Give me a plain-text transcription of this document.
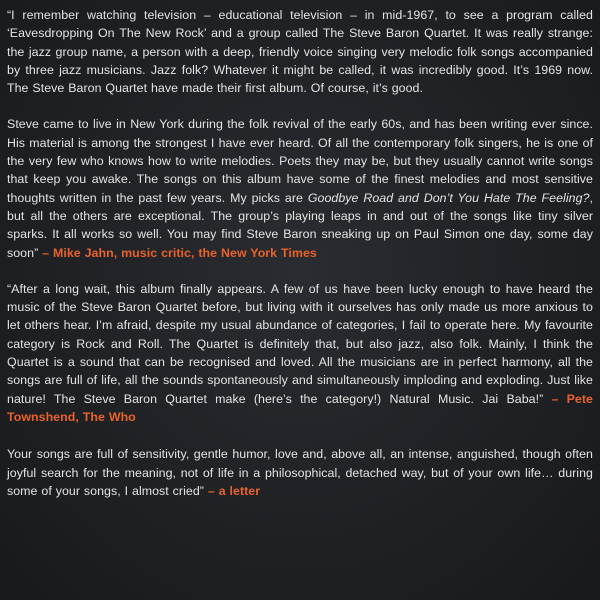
“I remember watching television – educational television – in mid-1967, to see a program called ‘Eavesdropping On The New Rock’ and a group called The Steve Baron Quartet. It was really strange: the jazz group name, a person with a deep, friendly voice singing very melodic folk songs accompanied by three jazz musicians. Jazz folk? Whatever it might be called, it was incredibly good. It’s 1969 now. The Steve Baron Quartet have made their first album. Of course, it’s good.

Steve came to live in New York during the folk revival of the early 60s, and has been writing ever since. His material is among the strongest I have ever heard. Of all the contemporary folk singers, he is one of the very few who knows how to write melodies. Poets they may be, but they usually cannot write songs that keep you awake. The songs on this album have some of the finest melodies and most sensitive thoughts written in the past few years. My picks are Goodbye Road and Don’t You Hate The Feeling?, but all the others are exceptional. The group’s playing leaps in and out of the songs like tiny silver sparks. It all works so well. You may find Steve Baron sneaking up on Paul Simon one day, some day soon” – Mike Jahn, music critic, the New York Times

“After a long wait, this album finally appears. A few of us have been lucky enough to have heard the music of the Steve Baron Quartet before, but living with it ourselves has only made us more anxious to let others hear. I’m afraid, despite my usual abundance of categories, I fail to operate here. My favourite category is Rock and Roll. The Quartet is definitely that, but also jazz, also folk. Mainly, I think the Quartet is a sound that can be recognised and loved. All the musicians are in perfect harmony, all the songs are full of life, all the sounds spontaneously and simultaneously imploding and exploding. Just like nature! The Steve Baron Quartet make (here’s the category!) Natural Music. Jai Baba!” – Pete Townshend, The Who

Your songs are full of sensitivity, gentle humor, love and, above all, an intense, anguished, though often joyful search for the meaning, not of life in a philosophical, detached way, but of your own life… during some of your songs, I almost cried” – a letter
